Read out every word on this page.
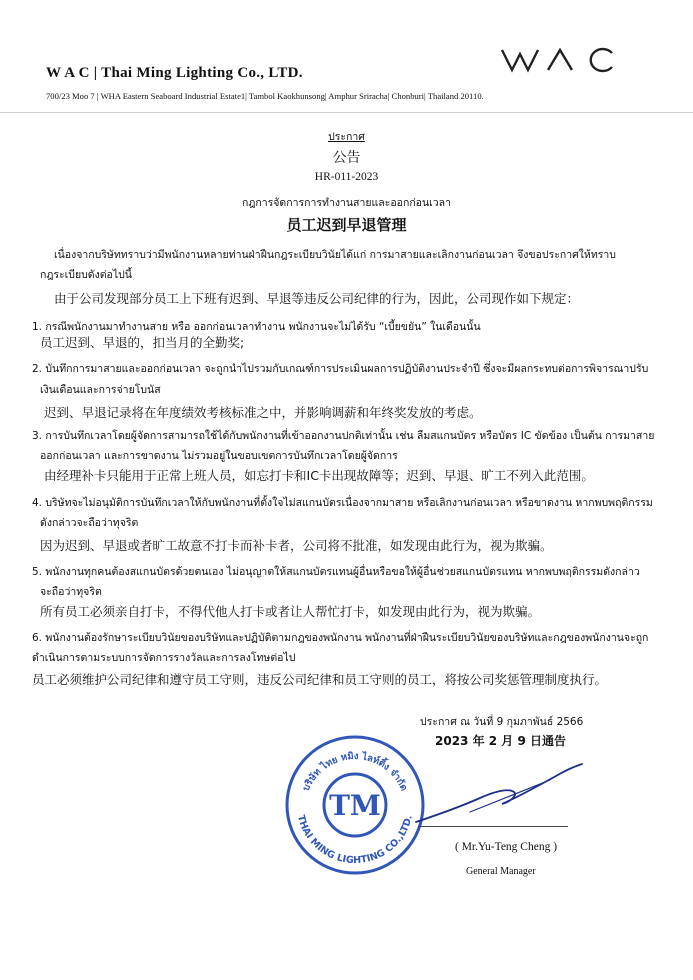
W A C | Thai Ming Lighting Co., LTD.
700/23 Moo 7 | WHA Eastern Seaboard Industrial Estate1| Tambol Kaokhunsong| Amphur Sriracha| Chonburi| Thailand 20110.
ประกาศ
公告
HR-011-2023
กฎการจัดการการทำงานสายและออกก่อนเวลา
员工迟到早退管理
เนื่องจากบริษัททราบว่ามีพนักงานหลายท่านฝ่าฝืนกฎระเบียบวินัยได้แก่ การมาสายและเลิกงานก่อนเวลา จึงขอประกาศให้ทราบ
กฎระเบียบดังต่อไปนี้
由于公司发现部分员工上下班有迟到、早退等违反公司纪律的行为，因此，公司现作如下规定：
1. กรณีพนักงานมาทำงานสาย หรือ ออกก่อนเวลาทำงาน พนักงานจะไม่ได้รับ “เบี้ยขยัน” ในเดือนนั้น
员工迟到、早退的，扣当月的全勤奖;
2. บันทึกการมาสายและออกก่อนเวลา จะถูกนำไปรวมกับเกณฑ์การประเมินผลการปฏิบัติงานประจำปี ซึ่งจะมีผลกระทบต่อการพิจารณาปรับ
เงินเดือนและการจ่ายโบนัส
迟到、早退记录将在年度绩效考核标准之中，并影响调薪和年终奖发放的考虑。
3. การบันทึกเวลาโดยผู้จัดการสามารถใช้ได้กับพนักงานที่เข้าออกงานปกติเท่านั้น เช่น ลืมสแกนบัตร หรือบัตร IC ขัดข้อง เป็นต้น การมาสาย
ออกก่อนเวลา และการขาดงาน ไม่รวมอยู่ในขอบเขตการบันทึกเวลาโดยผู้จัดการ
由经理补卡只能用于正常上班人员，如忘打卡和IC卡出现故障等；迟到、早退、旷工不列入此范围。
4. บริษัทจะไม่อนุมัติการบันทึกเวลาให้กับพนักงานที่ตั้งใจไม่สแกนบัตรเนื่องจากมาสาย หรือเลิกงานก่อนเวลา หรือขาดงาน หากพบพฤติกรรม
ดังกล่าวจะถือว่าทุจริต
因为迟到、早退或者旷工故意不打卡而补卡者，公司将不批准，如发现由此行为，视为欺骗。
5. พนักงานทุกคนต้องสแกนบัตรด้วยตนเอง ไม่อนุญาตให้สแกนบัตรแทนผู้อื่นหรือขอให้ผู้อื่นช่วยสแกนบัตรแทน หากพบพฤติกรรมดังกล่าว
จะถือว่าทุจริต
所有员工必须亲自打卡，不得代他人打卡或者让人帮忙打卡，如发现由此行为，视为欺骗。
6. พนักงานต้องรักษาระเบียบวินัยของบริษัทและปฏิบัติตามกฎของพนักงาน พนักงานที่ฝ่าฝืนระเบียบวินัยของบริษัทและกฎของพนักงานจะถูก
ดำเนินการตามระบบการจัดการรางวัลและการลงโทษต่อไป
员工必须维护公司纪律和遵守员工守则，违反公司纪律和员工守则的员工，将按公司奖惩管理制度执行。
ประกาศ ณ วันที่ 9 กุมภาพันธ์ 2566
2023 年 2 月 9 日通告
TM
บริษัท ไทย หมิง ไลท์ติ้ง จำกัด
THAI MING LIGHTING CO.,LTD.
( Mr.Yu-Teng Cheng )
General Manager
